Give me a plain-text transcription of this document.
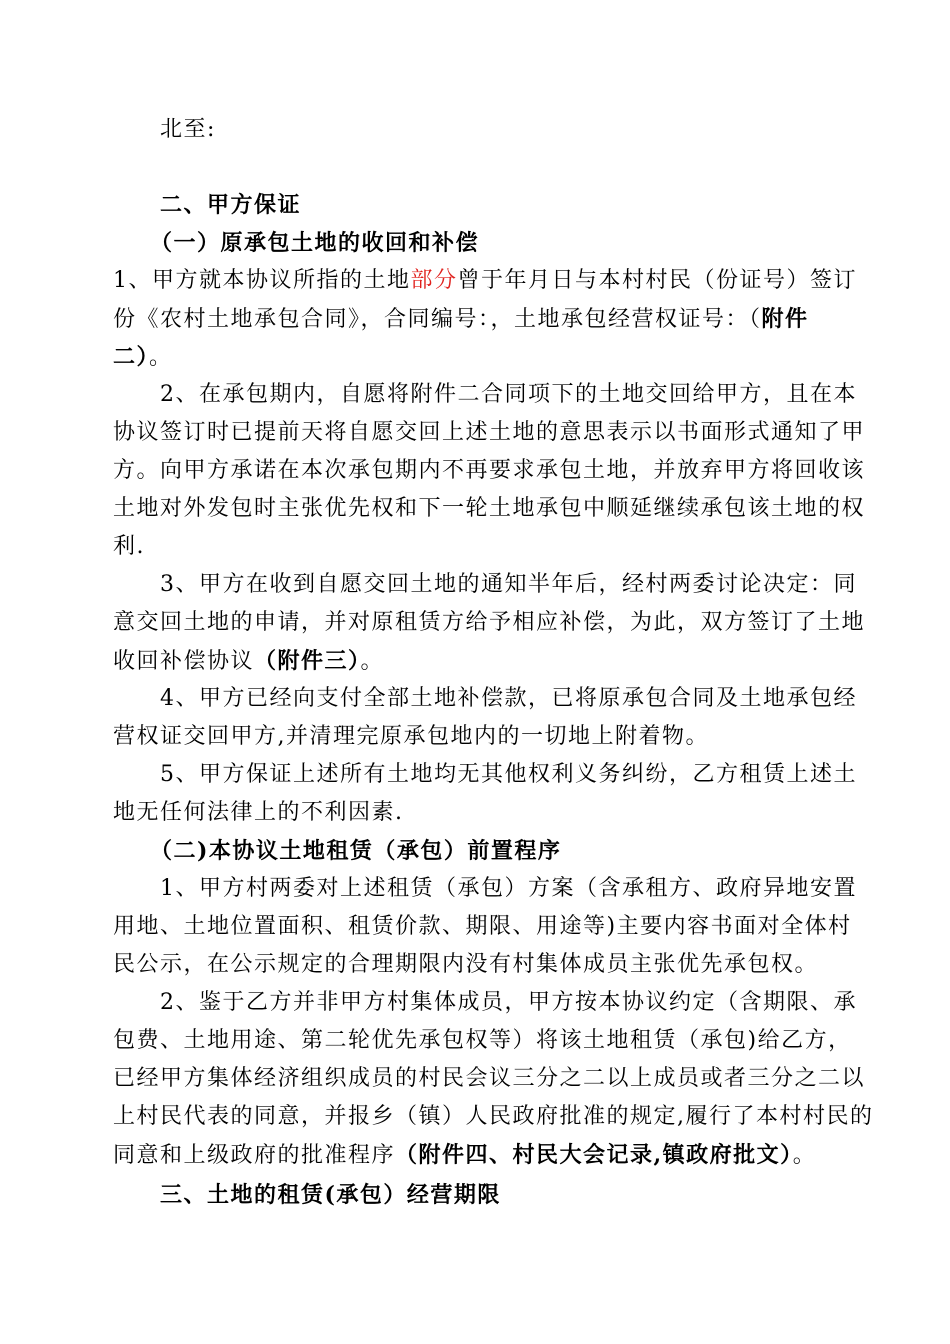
北至:
二、甲方保证
（一）原承包土地的收回和补偿
1、甲方就本协议所指的土地部分曾于年月日与本村村民（份证号）签订
份《农村土地承包合同》，合同编号：，土地承包经营权证号：（附件
二）。
2、在承包期内，自愿将附件二合同项下的土地交回给甲方，且在本
协议签订时已提前天将自愿交回上述土地的意思表示以书面形式通知了甲
方。向甲方承诺在本次承包期内不再要求承包土地，并放弃甲方将回收该
土地对外发包时主张优先权和下一轮土地承包中顺延继续承包该土地的权
利.
3、甲方在收到自愿交回土地的通知半年后，经村两委讨论决定：同
意交回土地的申请，并对原租赁方给予相应补偿，为此，双方签订了土地
收回补偿协议（附件三）。
4、甲方已经向支付全部土地补偿款，已将原承包合同及土地承包经
营权证交回甲方,并清理完原承包地内的一切地上附着物。
5、甲方保证上述所有土地均无其他权利义务纠纷，乙方租赁上述土
地无任何法律上的不利因素.
（二)本协议土地租赁（承包）前置程序
1、甲方村两委对上述租赁（承包）方案（含承租方、政府异地安置
用地、土地位置面积、租赁价款、期限、用途等)主要内容书面对全体村
民公示，在公示规定的合理期限内没有村集体成员主张优先承包权。
2、鉴于乙方并非甲方村集体成员，甲方按本协议约定（含期限、承
包费、土地用途、第二轮优先承包权等）将该土地租赁（承包)给乙方，
已经甲方集体经济组织成员的村民会议三分之二以上成员或者三分之二以
上村民代表的同意，并报乡（镇）人民政府批准的规定,履行了本村村民的
同意和上级政府的批准程序（附件四、村民大会记录,镇政府批文）。
三、土地的租赁(承包）经营期限
